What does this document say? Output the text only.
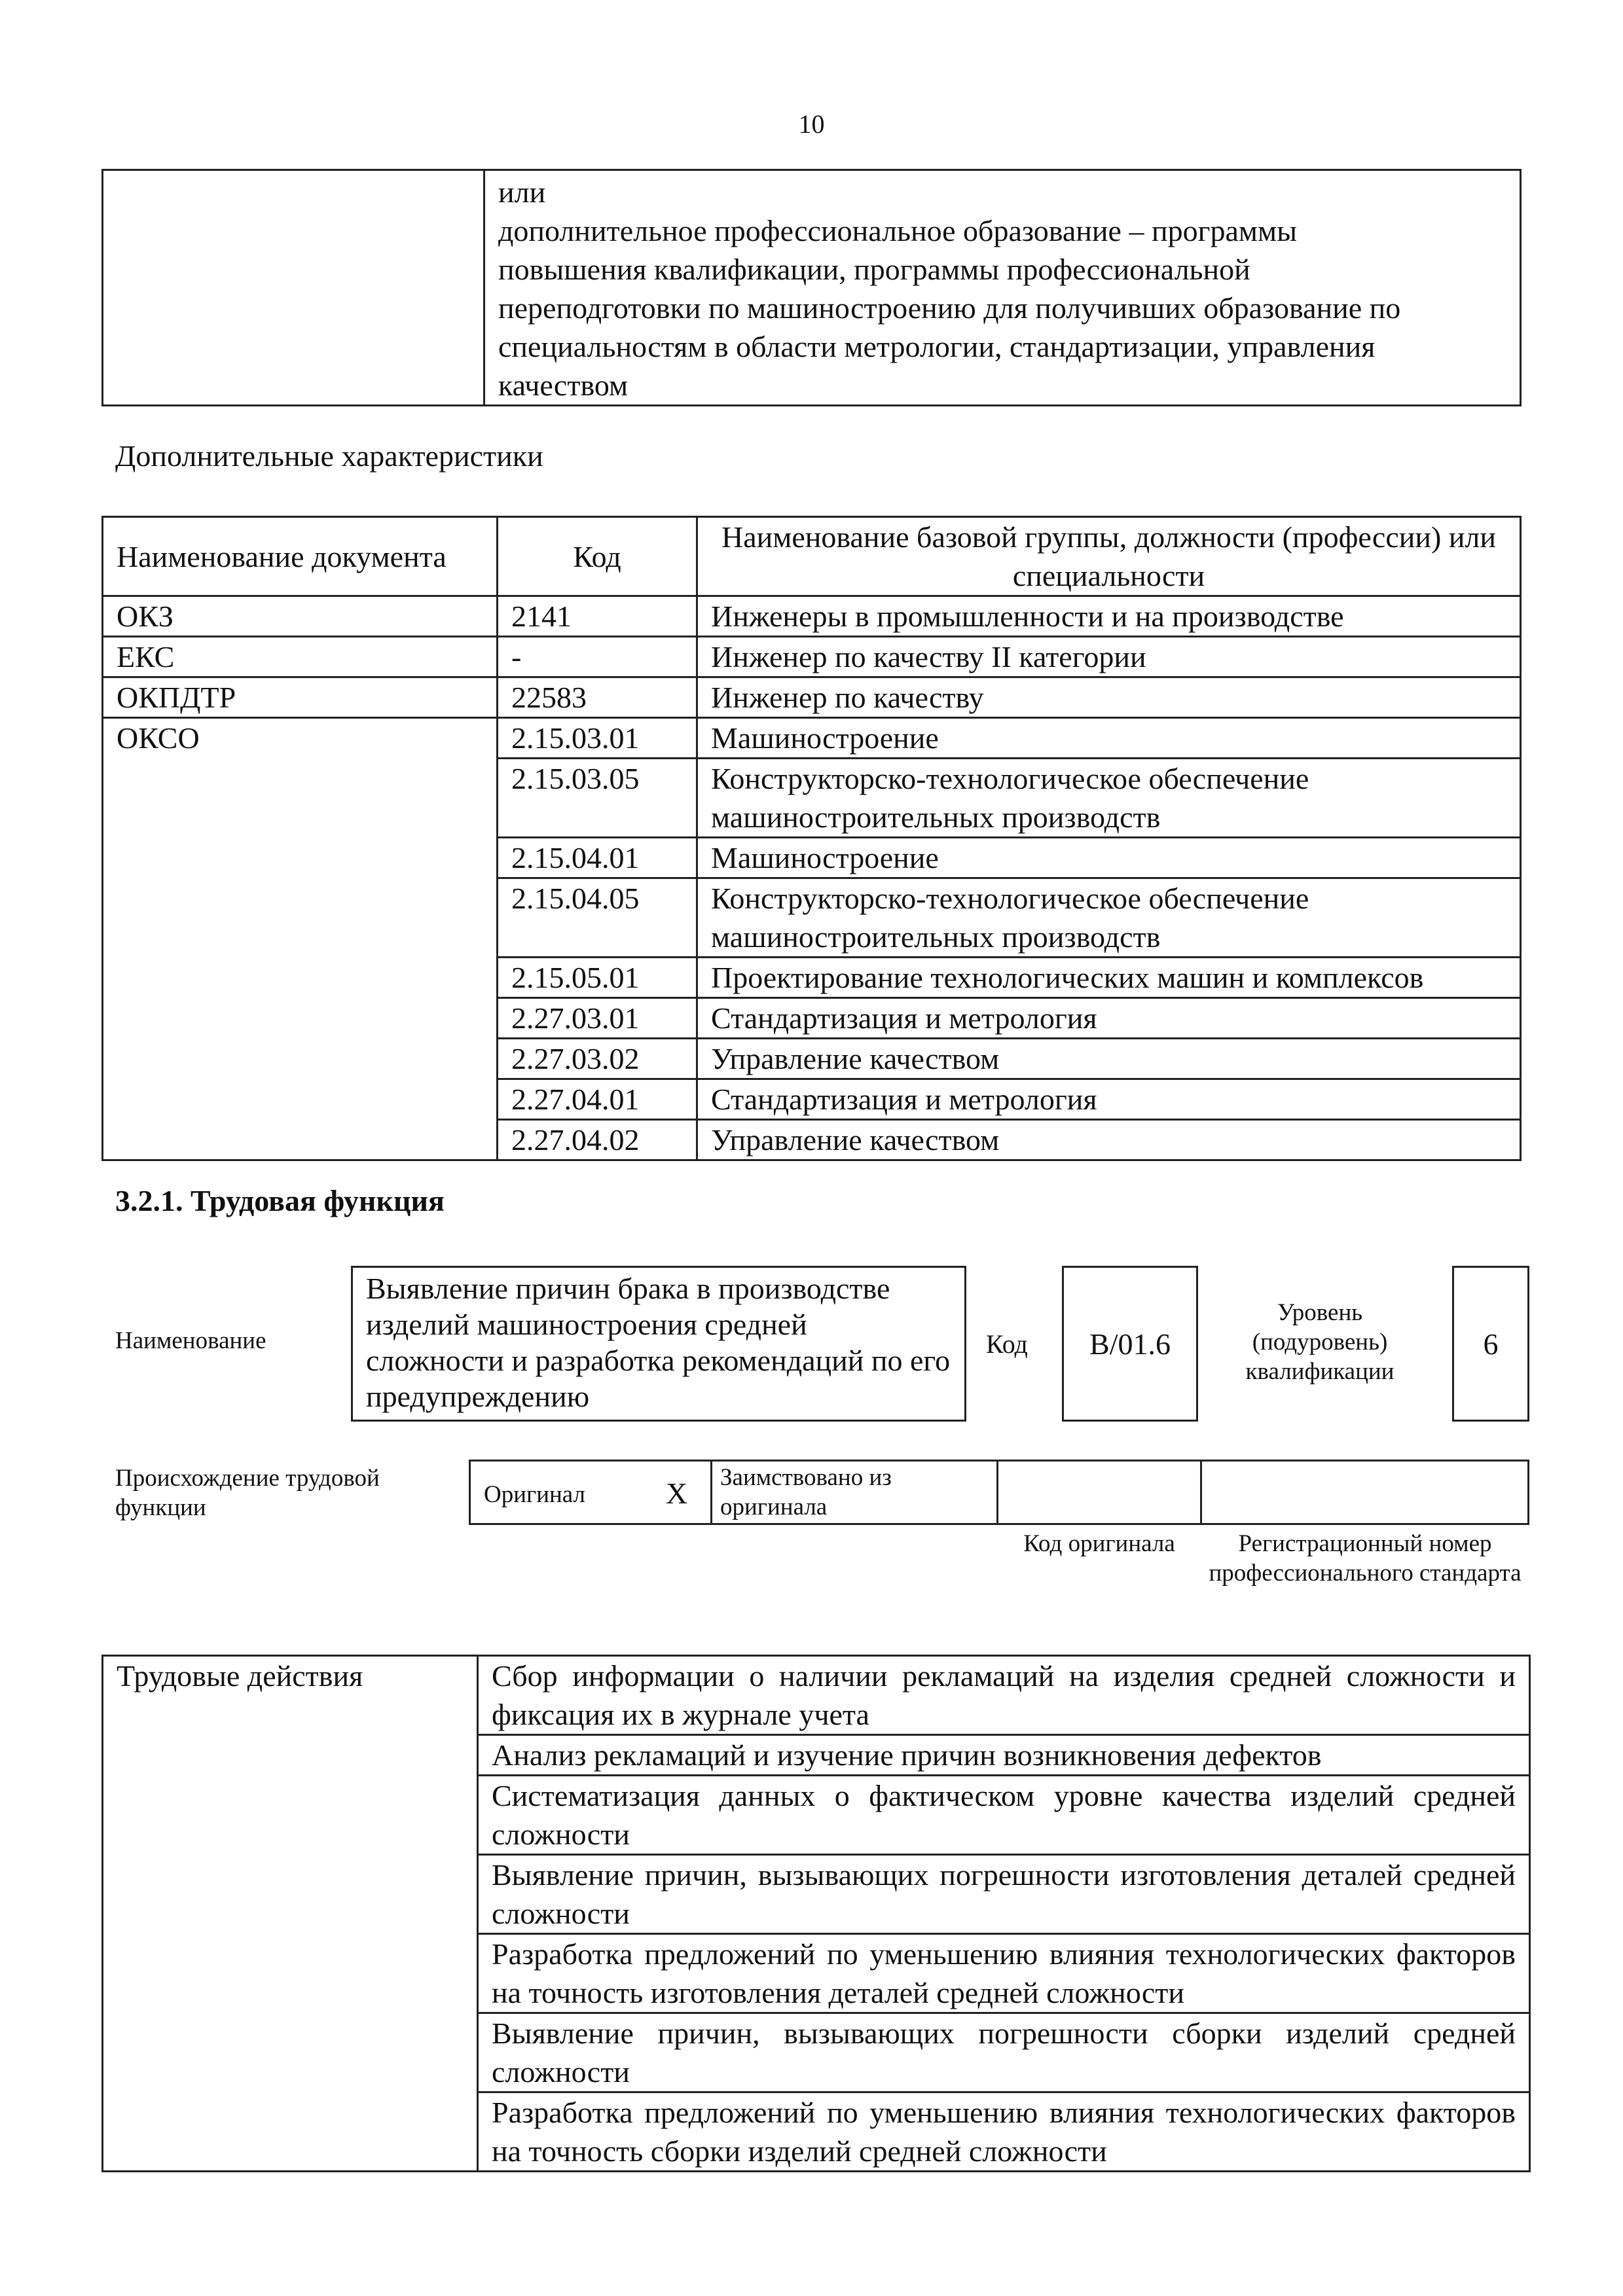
10

или
дополнительное профессиональное образование – программы
повышения квалификации, программы профессиональной
переподготовки по машиностроению для получивших образование по
специальностям в области метрологии, стандартизации, управления
качеством
Дополнительные характеристики
Наименование документа	Код	Наименование базовой группы, должности (профессии) или специальности
ОКЗ	2141	Инженеры в промышленности и на производстве
ЕКС	-	Инженер по качеству II категории
ОКПДТР	22583	Инженер по качеству
ОКСО	2.15.03.01	Машиностроение
	2.15.03.05	Конструкторско-технологическое обеспечение машиностроительных производств
	2.15.04.01	Машиностроение
	2.15.04.05	Конструкторско-технологическое обеспечение машиностроительных производств
	2.15.05.01	Проектирование технологических машин и комплексов
	2.27.03.01	Стандартизация и метрология
	2.27.03.02	Управление качеством
	2.27.04.01	Стандартизация и метрология
	2.27.04.02	Управление качеством
3.2.1. Трудовая функция
Наименование
Выявление причин брака в производстве изделий машиностроения средней сложности и разработка рекомендаций по его предупреждению
Код B/01.6
Уровень (подуровень) квалификации
6
Происхождение трудовой функции	Оригинал	X Заимствовано из оригинала
Код оригинала	Регистрационный номер профессионального стандарта
Трудовые действия	Сбор информации о наличии рекламаций на изделия средней сложности и фиксация их в журнале учета
Анализ рекламаций и изучение причин возникновения дефектов
Систематизация данных о фактическом уровне качества изделий средней сложности
Выявление причин, вызывающих погрешности изготовления деталей средней сложности
Разработка предложений по уменьшению влияния технологических факторов на точность изготовления деталей средней сложности
Выявление причин, вызывающих погрешности сборки изделий средней сложности
Разработка предложений по уменьшению влияния технологических факторов на точность сборки изделий средней сложности
